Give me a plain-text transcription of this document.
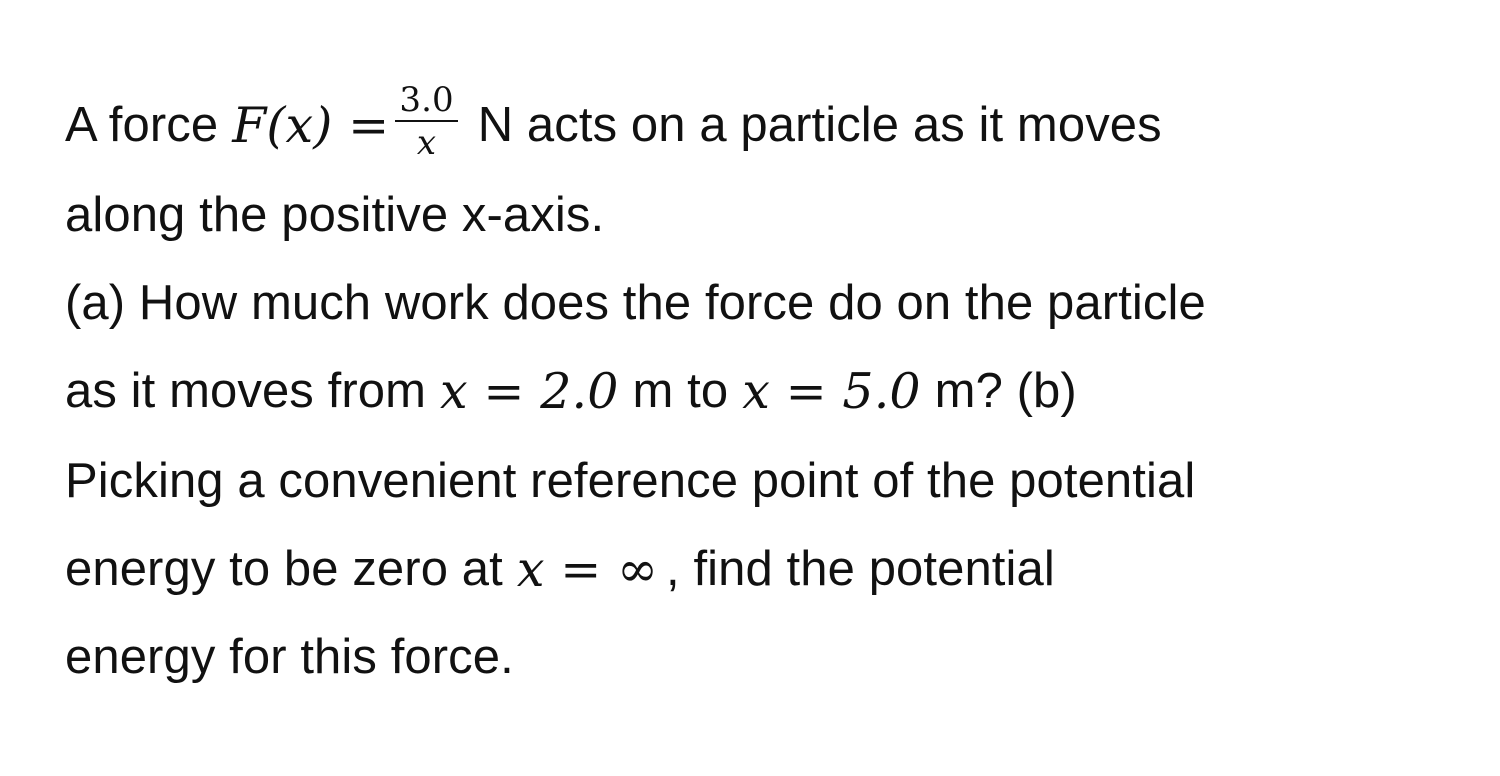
A force $F(x) = \frac{3.0}{x}$ N acts on a particle as it moves
along the positive x-axis.
(a) How much work does the force do on the particle
as it moves from x = 2.0 m to x = 5.0 m? (b)
Picking a convenient reference point of the potential
energy to be zero at x = ∞ , find the potential
energy for this force.
